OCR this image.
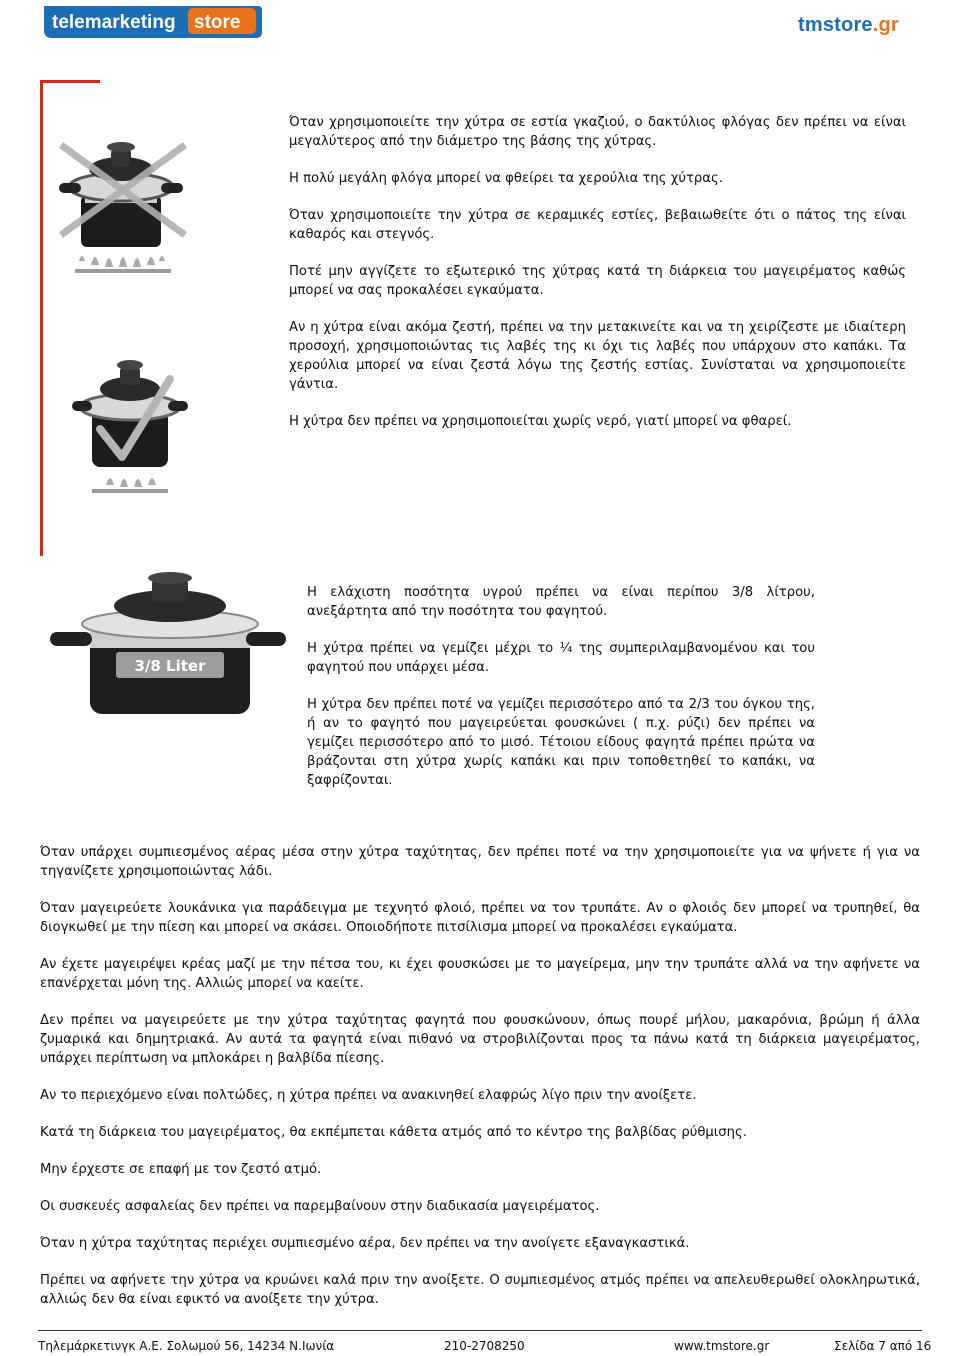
telemarketing store	tmstore.gr
3/8 Liter

Όταν χρησιμοποιείτε την χύτρα σε εστία γκαζιού, ο δακτύλιος φλόγας δεν πρέπει να είναι μεγαλύτερος από την διάμετρο της βάσης της χύτρας.

Η πολύ μεγάλη φλόγα μπορεί να φθείρει τα χερούλια της χύτρας.

Όταν χρησιμοποιείτε την χύτρα σε κεραμικές εστίες, βεβαιωθείτε ότι ο πάτος της είναι καθαρός και στεγνός.

Ποτέ μην αγγίζετε το εξωτερικό της χύτρας κατά τη διάρκεια του μαγειρέματος καθώς μπορεί να σας προκαλέσει εγκαύματα.

Αν η χύτρα είναι ακόμα ζεστή, πρέπει να την μετακινείτε και να τη χειρίζεστε με ιδιαίτερη προσοχή, χρησιμοποιώντας τις λαβές της κι όχι τις λαβές που υπάρχουν στο καπάκι. Τα χερούλια μπορεί να είναι ζεστά λόγω της ζεστής εστίας. Συνίσταται να χρησιμοποιείτε γάντια.

Η χύτρα δεν πρέπει να χρησιμοποιείται χωρίς νερό, γιατί μπορεί να φθαρεί.

Η ελάχιστη ποσότητα υγρού πρέπει να είναι περίπου 3/8 λίτρου, ανεξάρτητα από την ποσότητα του φαγητού.

Η χύτρα πρέπει να γεμίζει μέχρι το ¼ της συμπεριλαμβανομένου και του φαγητού που υπάρχει μέσα.

Η χύτρα δεν πρέπει ποτέ να γεμίζει περισσότερο από τα 2/3 του όγκου της, ή αν το φαγητό που μαγειρεύεται φουσκώνει ( π.χ. ρύζι) δεν πρέπει να γεμίζει περισσότερο από το μισό. Τέτοιου είδους φαγητά πρέπει πρώτα να βράζονται στη χύτρα χωρίς καπάκι και πριν τοποθετηθεί το καπάκι, να ξαφρίζονται.

Όταν υπάρχει συμπιεσμένος αέρας μέσα στην χύτρα ταχύτητας, δεν πρέπει ποτέ να την χρησιμοποιείτε για να ψήνετε ή για να τηγανίζετε χρησιμοποιώντας λάδι.

Όταν μαγειρεύετε λουκάνικα για παράδειγμα με τεχνητό φλοιό, πρέπει να τον τρυπάτε. Αν ο φλοιός δεν μπορεί να τρυπηθεί, θα διογκωθεί με την πίεση και μπορεί να σκάσει. Οποιοδήποτε πιτσίλισμα μπορεί να προκαλέσει εγκαύματα.

Αν έχετε μαγειρέψει κρέας μαζί με την πέτσα του, κι έχει φουσκώσει με το μαγείρεμα, μην την τρυπάτε αλλά να την αφήνετε να επανέρχεται μόνη της. Αλλιώς μπορεί να καείτε.

Δεν πρέπει να μαγειρεύετε με την χύτρα ταχύτητας φαγητά που φουσκώνουν, όπως πουρέ μήλου, μακαρόνια, βρώμη ή άλλα ζυμαρικά και δημητριακά. Αν αυτά τα φαγητά είναι πιθανό να στροβιλίζονται προς τα πάνω κατά τη διάρκεια μαγειρέματος, υπάρχει περίπτωση να μπλοκάρει η βαλβίδα πίεσης.

Αν το περιεχόμενο είναι πολτώδες, η χύτρα πρέπει να ανακινηθεί ελαφρώς λίγο πριν την ανοίξετε.

Κατά τη διάρκεια του μαγειρέματος, θα εκπέμπεται κάθετα ατμός από το κέντρο της βαλβίδας ρύθμισης.

Μην έρχεστε σε επαφή με τον ζεστό ατμό.

Οι συσκευές ασφαλείας δεν πρέπει να παρεμβαίνουν στην διαδικασία μαγειρέματος.

Όταν η χύτρα ταχύτητας περιέχει συμπιεσμένο αέρα, δεν πρέπει να την ανοίγετε εξαναγκαστικά.

Πρέπει να αφήνετε την χύτρα να κρυώνει καλά πριν την ανοίξετε. Ο συμπιεσμένος ατμός πρέπει να απελευθερωθεί ολοκληρωτικά, αλλιώς δεν θα είναι εφικτό να ανοίξετε την χύτρα.

Τηλεμάρκετινγκ Α.Ε. Σολωμού 56, 14234 Ν.Ιωνία	210-2708250	www.tmstore.gr	Σελίδα 7 από 16
